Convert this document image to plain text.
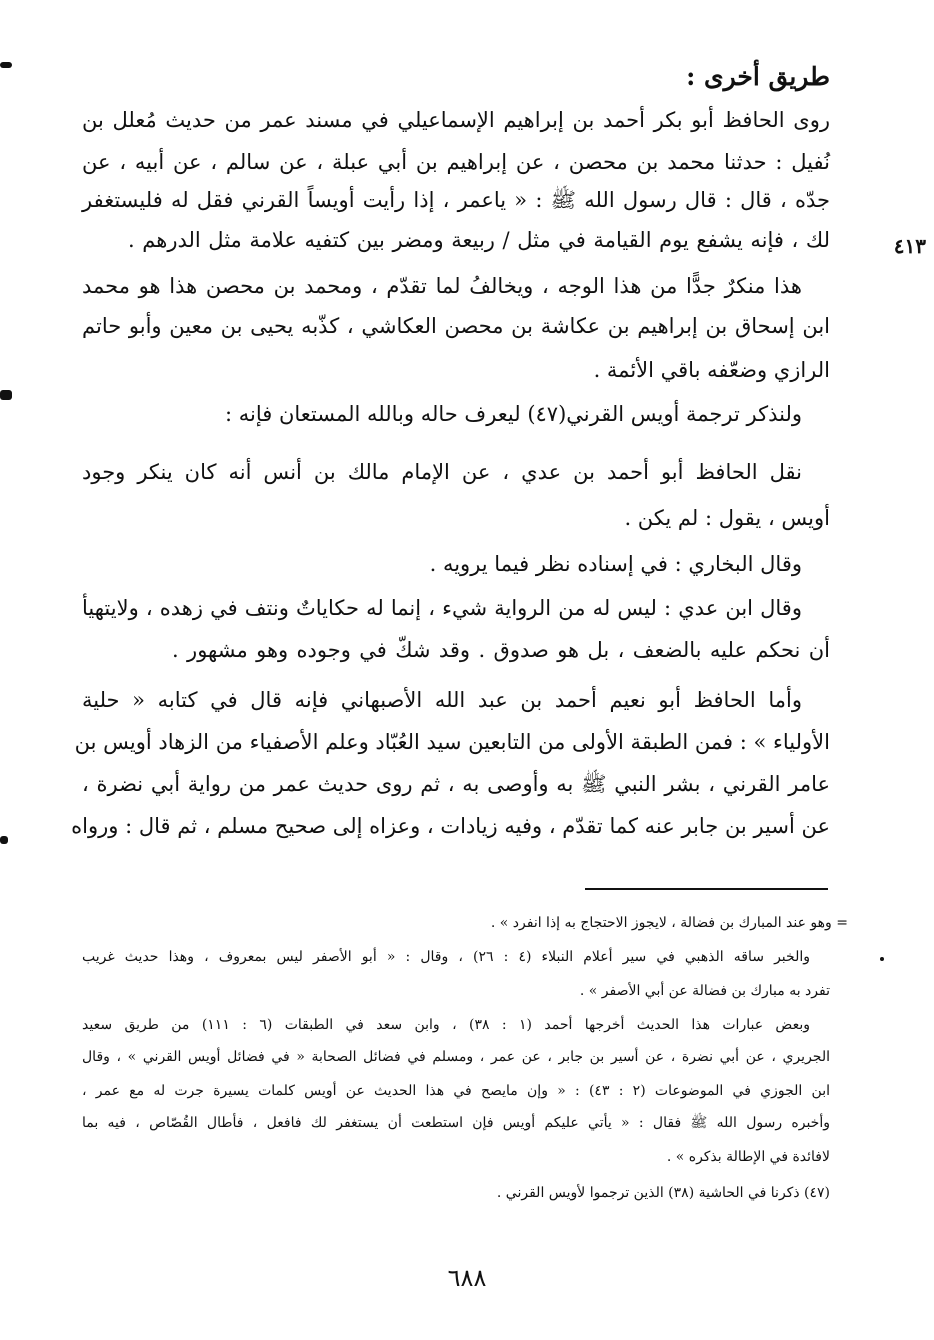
طريق أخرى :
٤١٣
روى الحافظ أبو بكر أحمد بن إبراهيم الإسماعيلي في مسند عمر من حديث مُعلل بن
نُفيل : حدثنا محمد بن محصن ، عن إبراهيم بن أبي عبلة ، عن سالم ، عن أبيه ، عن
جدّه ، قال : قال رسول الله ﷺ : « ياعمر ، إذا رأيت أويساً القرني فقل له فليستغفر
لك ، فإنه يشفع يوم القيامة في مثل / ربيعة ومضر بين كتفيه علامة مثل الدرهم .
هذا منكرٌ جدًّا من هذا الوجه ، ويخالفُ لما تقدّم ، ومحمد بن محصن هذا هو محمد
ابن إسحاق بن إبراهيم بن عكاشة بن محصن العكاشي ، كذّبه يحيى بن معين وأبو حاتم
الرازي وضعّفه باقي الأئمة .
ولنذكر ترجمة أويس القرني(٤٧) ليعرف حاله وبالله المستعان فإنه :
نقل الحافظ أبو أحمد بن عدي ، عن الإمام مالك بن أنس أنه كان ينكر وجود
أويس ، يقول : لم يكن .
وقال البخاري : في إسناده نظر فيما يرويه .
وقال ابن عدي : ليس له من الرواية شيء ، إنما له حكاياتٌ ونتف في زهده ، ولايتهيأ
أن نحكم عليه بالضعف ، بل هو صدوق . وقد شكّ في وجوده وهو مشهور .
وأما الحافظ أبو نعيم أحمد بن عبد الله الأصبهاني فإنه قال في كتابه « حلية
الأولياء » : فمن الطبقة الأولى من التابعين سيد العُبّاد وعلم الأصفياء من الزهاد أويس بن
عامر القرني ، بشر النبي ﷺ به وأوصى به ، ثم روى حديث عمر من رواية أبي نضرة ،
عن أسير بن جابر عنه كما تقدّم ، وفيه زيادات ، وعزاه إلى صحيح مسلم ، ثم قال : ورواه
= وهو عند المبارك بن فضالة ، لايجوز الاحتجاج به إذا انفرد » .
والخبر ساقه الذهبي في سير أعلام النبلاء (٤ : ٢٦) ، وقال : « أبو الأصفر ليس بمعروف ، وهذا حديث غريب
تفرد به مبارك بن فضالة عن أبي الأصفر » .
وبعض عبارات هذا الحديث أخرجها أحمد (١ : ٣٨) ، وابن سعد في الطبقات (٦ : ١١١) من طريق سعيد
الجريري ، عن أبي نضرة ، عن أسير بن جابر ، عن عمر ، ومسلم في فضائل الصحابة « في فضائل أويس القرني » ، وقال
ابن الجوزي في الموضوعات (٢ : ٤٣) : « وإن مايصح في هذا الحديث عن أويس كلمات يسيرة جرت له مع عمر ،
وأخبره رسول الله ﷺ فقال : « يأتي عليكم أويس فإن استطعت أن يستغفر لك فافعل ، فأطال القُصّاص ، فيه بما
لافائدة في الإطالة بذكره » .
(٤٧) ذكرنا في الحاشية (٣٨) الذين ترجموا لأويس القرني .
٦٨٨
